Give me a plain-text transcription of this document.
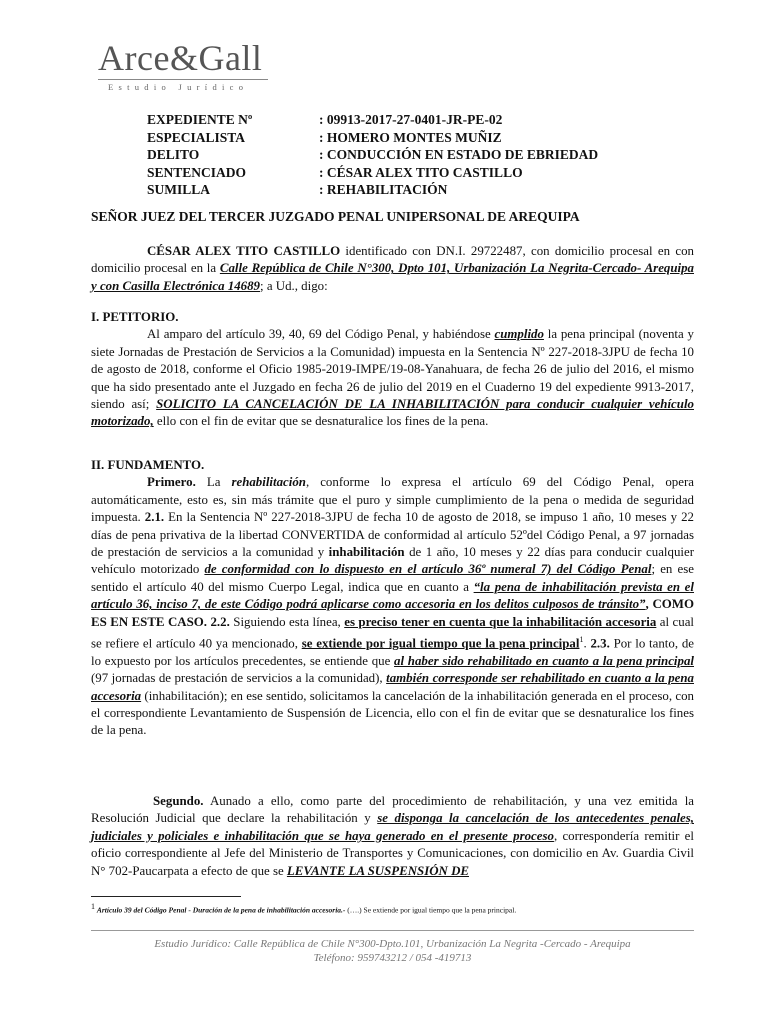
Arce&Gall
Estudio Jurídico
EXPEDIENTE Nº	: 09913-2017-27-0401-JR-PE-02
ESPECIALISTA	: HOMERO MONTES MUÑIZ
DELITO	: CONDUCCIÓN EN ESTADO DE EBRIEDAD
SENTENCIADO	: CÉSAR ALEX TITO CASTILLO
SUMILLA	: REHABILITACIÓN
SEÑOR JUEZ DEL TERCER JUZGADO PENAL UNIPERSONAL DE AREQUIPA
CÉSAR ALEX TITO CASTILLO identificado con DN.I. 29722487, con domicilio procesal en con domicilio procesal en la Calle República de Chile N°300, Dpto 101, Urbanización La Negrita-Cercado- Arequipa y con Casilla Electrónica 14689; a Ud., digo:
I. PETITORIO.
Al amparo del artículo 39, 40, 69 del Código Penal, y habiéndose cumplido la pena principal (noventa y siete Jornadas de Prestación de Servicios a la Comunidad) impuesta en la Sentencia Nº 227-2018-3JPU de fecha 10 de agosto de 2018, conforme el Oficio 1985-2019-IMPE/19-08-Yanahuara, de fecha 26 de julio del 2016, el mismo que ha sido presentado ante el Juzgado en fecha 26 de julio del 2019 en el Cuaderno 19 del expediente 9913-2017, siendo así; SOLICITO LA CANCELACIÓN DE LA INHABILITACIÓN para conducir cualquier vehículo motorizado, ello con el fin de evitar que se desnaturalice los fines de la pena.
II. FUNDAMENTO.
Primero. La rehabilitación, conforme lo expresa el artículo 69 del Código Penal, opera automáticamente, esto es, sin más trámite que el puro y simple cumplimiento de la pena o medida de seguridad impuesta. 2.1. En la Sentencia Nº 227-2018-3JPU de fecha 10 de agosto de 2018, se impuso 1 año, 10 meses y 22 días de pena privativa de la libertad CONVERTIDA de conformidad al artículo 52ºdel Código Penal, a 97 jornadas de prestación de servicios a la comunidad y inhabilitación de 1 año, 10 meses y 22 días para conducir cualquier vehículo motorizado de conformidad con lo dispuesto en el artículo 36º numeral 7) del Código Penal; en ese sentido el artículo 40 del mismo Cuerpo Legal, indica que en cuanto a “la pena de inhabilitación prevista en el artículo 36, inciso 7, de este Código podrá aplicarse como accesoria en los delitos culposos de tránsito”, COMO ES EN ESTE CASO. 2.2. Siguiendo esta línea, es preciso tener en cuenta que la inhabilitación accesoria al cual se refiere el artículo 40 ya mencionado, se extiende por igual tiempo que la pena principal$^1$. 2.3. Por lo tanto, de lo expuesto por los artículos precedentes, se entiende que al haber sido rehabilitado en cuanto a la pena principal (97 jornadas de prestación de servicios a la comunidad), también corresponde ser rehabilitado en cuanto a la pena accesoria (inhabilitación); en ese sentido, solicitamos la cancelación de la inhabilitación generada en el proceso, con el correspondiente Levantamiento de Suspensión de Licencia, ello con el fin de evitar que se desnaturalice los fines de la pena.
Segundo. Aunado a ello, como parte del procedimiento de rehabilitación, y una vez emitida la Resolución Judicial que declare la rehabilitación y se disponga la cancelación de los antecedentes penales, judiciales y policiales e inhabilitación que se haya generado en el presente proceso, correspondería remitir el oficio correspondiente al Jefe del Ministerio de Transportes y Comunicaciones, con domicilio en Av. Guardia Civil N° 702-Paucarpata a efecto de que se LEVANTE LA SUSPENSIÓN DE
$^1$ Artículo 39 del Código Penal - Duración de la pena de inhabilitación accesoria.- (….) Se extiende por igual tiempo que la pena principal.
Estudio Jurídico: Calle República de Chile N°300-Dpto.101, Urbanización La Negrita -Cercado - Arequipa
Teléfono: 959743212 / 054 -419713
